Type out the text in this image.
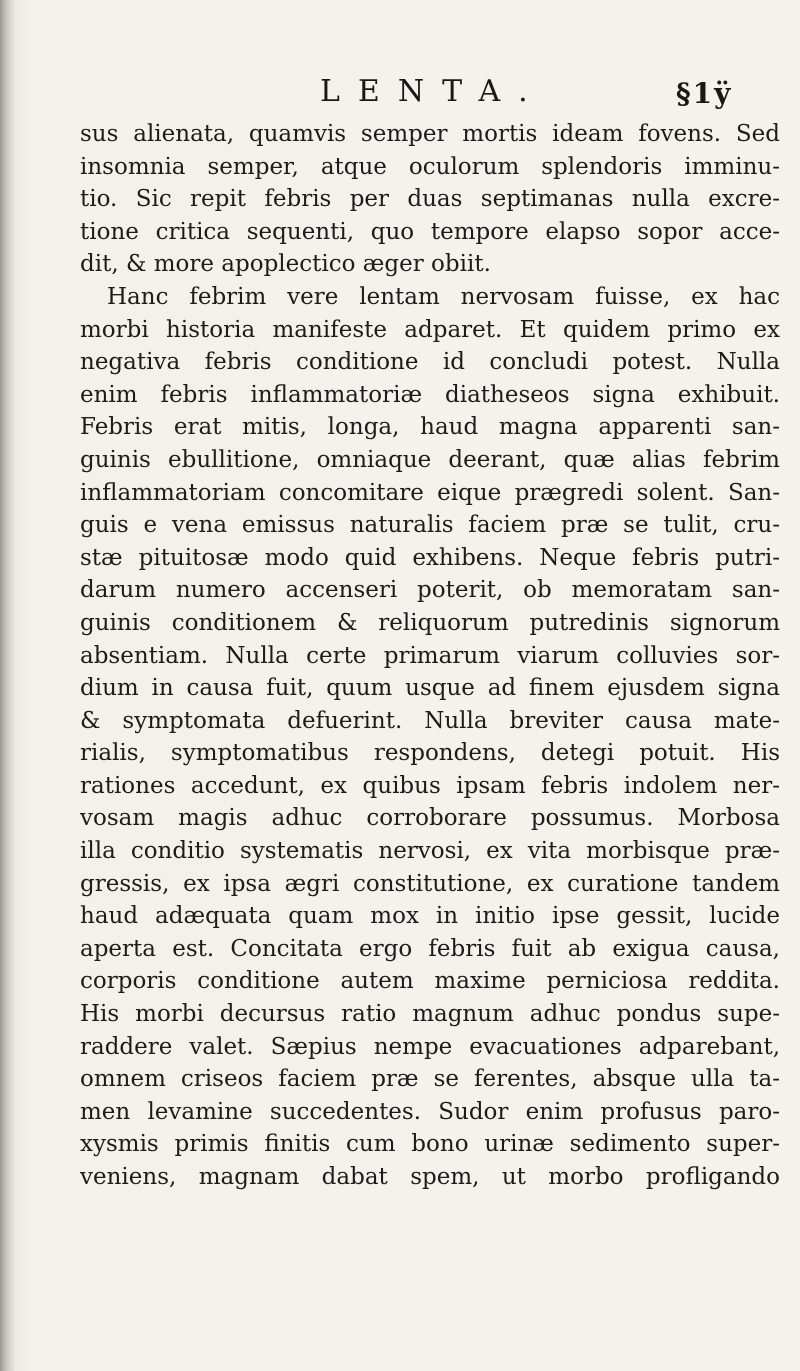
LENTA.	§1ÿ
sus alienata, quamvis semper mortis ideam fovens. Sed
insomnia semper, atque oculorum splendoris imminu-
tio. Sic repit febris per duas septimanas nulla excre-
tione critica sequenti, quo tempore elapso sopor acce-
dit, & more apoplectico æger obiit.
Hanc febrim vere lentam nervosam fuisse, ex hac
morbi historia manifeste adparet. Et quidem primo ex
negativa febris conditione id concludi potest. Nulla
enim febris inflammatoriæ diathesеos signa exhibuit.
Febris erat mitis, longa, haud magna apparenti san-
guinis ebullitione, omniaque deerant, quæ alias febrim
inflammatoriam concomitare eique prægredi solent. San-
guis e vena emissus naturalis faciem præ se tulit, cru-
stæ pituitosæ modo quid exhibens. Neque febris putri-
darum numero accenseri poterit, ob memoratam san-
guinis conditionem & reliquorum putredinis signorum
absentiam. Nulla certe primarum viarum colluvies sor-
dium in causa fuit, quum usque ad finem ejusdem signa
& symptomata defuerint. Nulla breviter causa mate-
rialis, symptomatibus respondens, detegi potuit. His
rationes accedunt, ex quibus ipsam febris indolem ner-
vosam magis adhuc corroborare possumus. Morbosa
illa conditio systematis nervosi, ex vita morbisque præ-
gressis, ex ipsa ægri constitutione, ex curatione tandem
haud adæquata quam mox in initio ipse gessit, lucide
aperta est. Concitata ergo febris fuit ab exigua causa,
corporis conditione autem maxime perniciosa reddita.
His morbi decursus ratio magnum adhuc pondus supe-
raddere valet. Sæpius nempe evacuationes adparebant,
omnem criseos faciem præ se ferentes, absque ulla ta-
men levamine succedentes. Sudor enim profusus paro-
xysmis primis finitis cum bono urinæ sedimento super-
veniens, magnam dabat spem, ut morbo profligando
